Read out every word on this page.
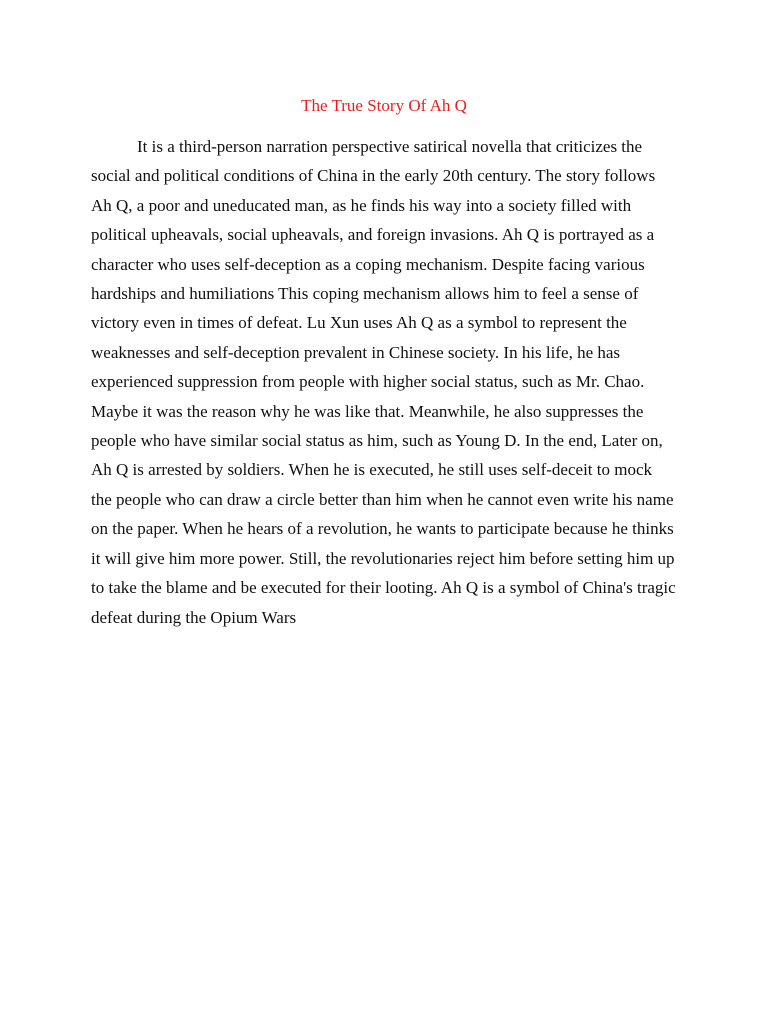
The True Story Of Ah Q

It is a third-person narration perspective satirical novella that criticizes the social and political conditions of China in the early 20th century. The story follows Ah Q, a poor and uneducated man, as he finds his way into a society filled with political upheavals, social upheavals, and foreign invasions. Ah Q is portrayed as a character who uses self-deception as a coping mechanism. Despite facing various hardships and humiliations This coping mechanism allows him to feel a sense of victory even in times of defeat. Lu Xun uses Ah Q as a symbol to represent the weaknesses and self-deception prevalent in Chinese society. In his life, he has experienced suppression from people with higher social status, such as Mr. Chao. Maybe it was the reason why he was like that. Meanwhile, he also suppresses the people who have similar social status as him, such as Young D. In the end, Later on, Ah Q is arrested by soldiers. When he is executed, he still uses self-deceit to mock the people who can draw a circle better than him when he cannot even write his name on the paper. When he hears of a revolution, he wants to participate because he thinks it will give him more power. Still, the revolutionaries reject him before setting him up to take the blame and be executed for their looting. Ah Q is a symbol of China's tragic defeat during the Opium Wars
